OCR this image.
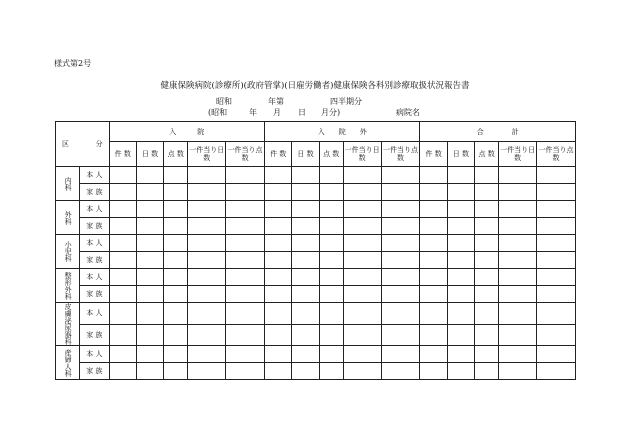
様式第2号
健康保険病院(診療所)(政府管掌)(日雇労働者)健康保険各科別診療取扱状況報告書
昭和	年第	四半期分
(昭和	年 月 日 月分)	病院名
区 分		入　　　院					入　　院　　外					合　　　　計				
		件 数	日 数	点 数	一件当り日　数	一件当り点　数	件 数	日 数	点 数	一件当り日　数	一件当り点　数	件 数	日 数	点 数	一件当り日　数	一件当り点　数

内科	本 人															
	家 族															

外科	本 人															
	家 族															

小児科	本 人															
	家 族															

整形外科	本 人															
	家 族															

皮膚泌尿器科	本 人															
	家 族															

産婦人科	本 人															
	家 族															
